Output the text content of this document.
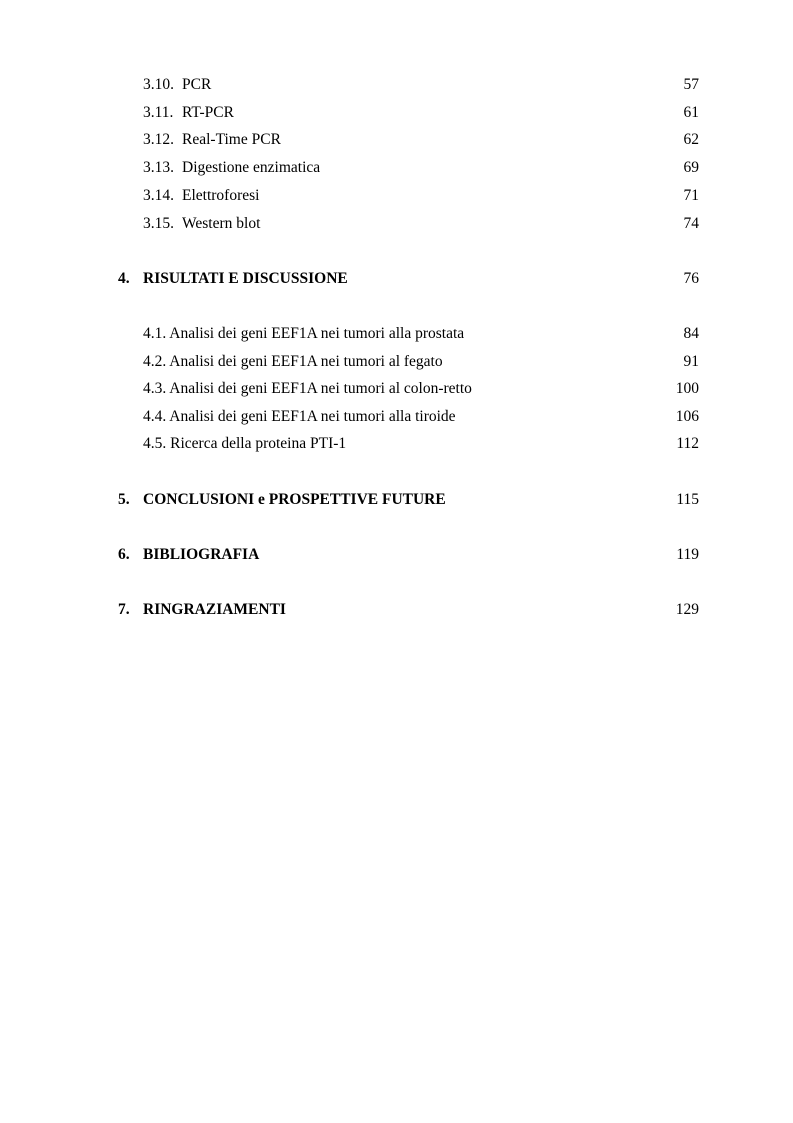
3.10. PCR	57
3.11. RT-PCR	61
3.12. Real-Time PCR	62
3.13. Digestione enzimatica	69
3.14. Elettroforesi	71
3.15. Western blot	74
4. RISULTATI E DISCUSSIONE	76
4.1. Analisi dei geni EEF1A nei tumori alla prostata	84
4.2. Analisi dei geni EEF1A nei tumori al fegato	91
4.3. Analisi dei geni EEF1A nei tumori al colon-retto	100
4.4. Analisi dei geni EEF1A nei tumori alla tiroide	106
4.5. Ricerca della proteina PTI-1	112
5. CONCLUSIONI e PROSPETTIVE FUTURE	115
6. BIBLIOGRAFIA	119
7. RINGRAZIAMENTI	129
